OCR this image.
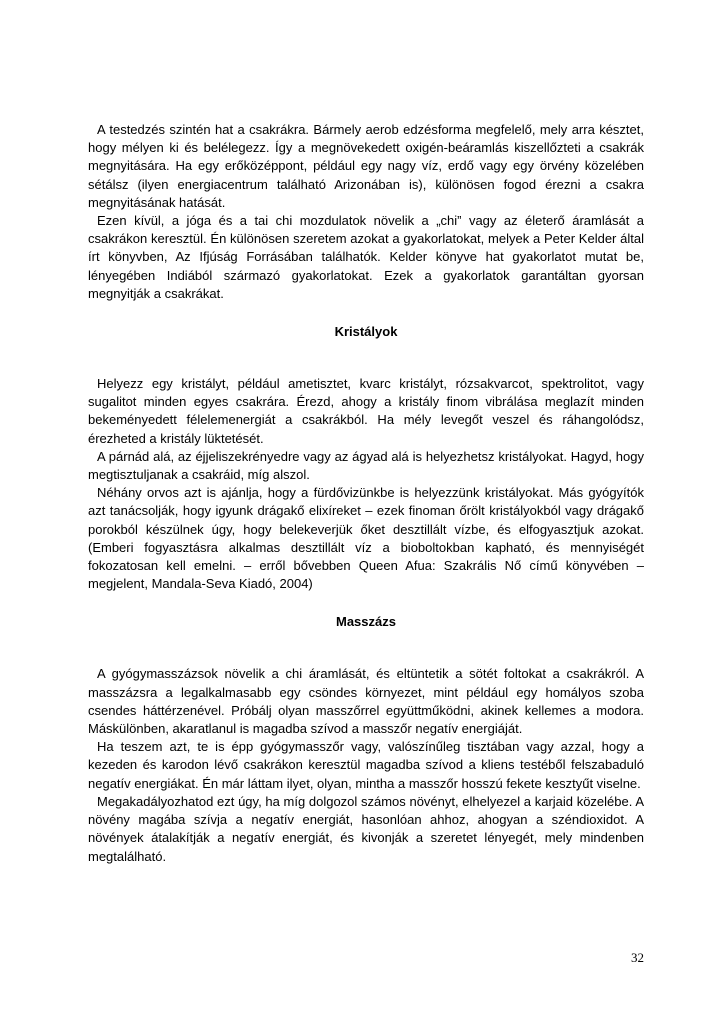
A testedzés szintén hat a csakrákra. Bármely aerob edzésforma megfelelő, mely arra késztet, hogy mélyen ki és belélegezz. Így a megnövekedett oxigén-beáramlás kiszellőzteti a csakrák megnyitására. Ha egy erőközéppont, például egy nagy víz, erdő vagy egy örvény közelében sétálsz (ilyen energiacentrum található Arizonában is), különösen fogod érezni a csakra megnyitásának hatását.

Ezen kívül, a jóga és a tai chi mozdulatok növelik a „chi” vagy az életerő áramlását a csakrákon keresztül. Én különösen szeretem azokat a gyakorlatokat, melyek a Peter Kelder által írt könyvben, Az Ifjúság Forrásában találhatók. Kelder könyve hat gyakorlatot mutat be, lényegében Indiából származó gyakorlatokat. Ezek a gyakorlatok garantáltan gyorsan megnyitják a csakrákat.

Kristályok

Helyezz egy kristályt, például ametisztet, kvarc kristályt, rózsakvarcot, spektrolitot, vagy sugalitot minden egyes csakrára. Érezd, ahogy a kristály finom vibrálása meglazít minden bekeményedett félelemenergiát a csakrákból. Ha mély levegőt veszel és ráhangolódsz, érezheted a kristály lüktetését.

A párnád alá, az éjjeliszekrényedre vagy az ágyad alá is helyezhetsz kristályokat. Hagyd, hogy megtisztuljanak a csakráid, míg alszol.

Néhány orvos azt is ajánlja, hogy a fürdővizünkbe is helyezzünk kristályokat. Más gyógyítók azt tanácsolják, hogy igyunk drágakő elixíreket – ezek finoman őrölt kristályokból vagy drágakő porokból készülnek úgy, hogy belekeverjük őket desztillált vízbe, és elfogyasztjuk azokat. (Emberi fogyasztásra alkalmas desztillált víz a bioboltokban kapható, és mennyiségét fokozatosan kell emelni. – erről bővebben Queen Afua: Szakrális Nő című könyvében – megjelent, Mandala-Seva Kiadó, 2004)

Masszázs

A gyógymasszázsok növelik a chi áramlását, és eltüntetik a sötét foltokat a csakrákról. A masszázsra a legalkalmasabb egy csöndes környezet, mint például egy homályos szoba csendes háttérzenével. Próbálj olyan masszőrrel együttműködni, akinek kellemes a modora. Máskülönben, akaratlanul is magadba szívod a masszőr negatív energiáját.

Ha teszem azt, te is épp gyógymasszőr vagy, valószínűleg tisztában vagy azzal, hogy a kezeden és karodon lévő csakrákon keresztül magadba szívod a kliens testéből felszabaduló negatív energiákat. Én már láttam ilyet, olyan, mintha a masszőr hosszú fekete kesztyűt viselne.

Megakadályozhatod ezt úgy, ha míg dolgozol számos növényt, elhelyezel a karjaid közelébe. A növény magába szívja a negatív energiát, hasonlóan ahhoz, ahogyan a széndioxidot. A növények átalakítják a negatív energiát, és kivonják a szeretet lényegét, mely mindenben megtalálható.

32
